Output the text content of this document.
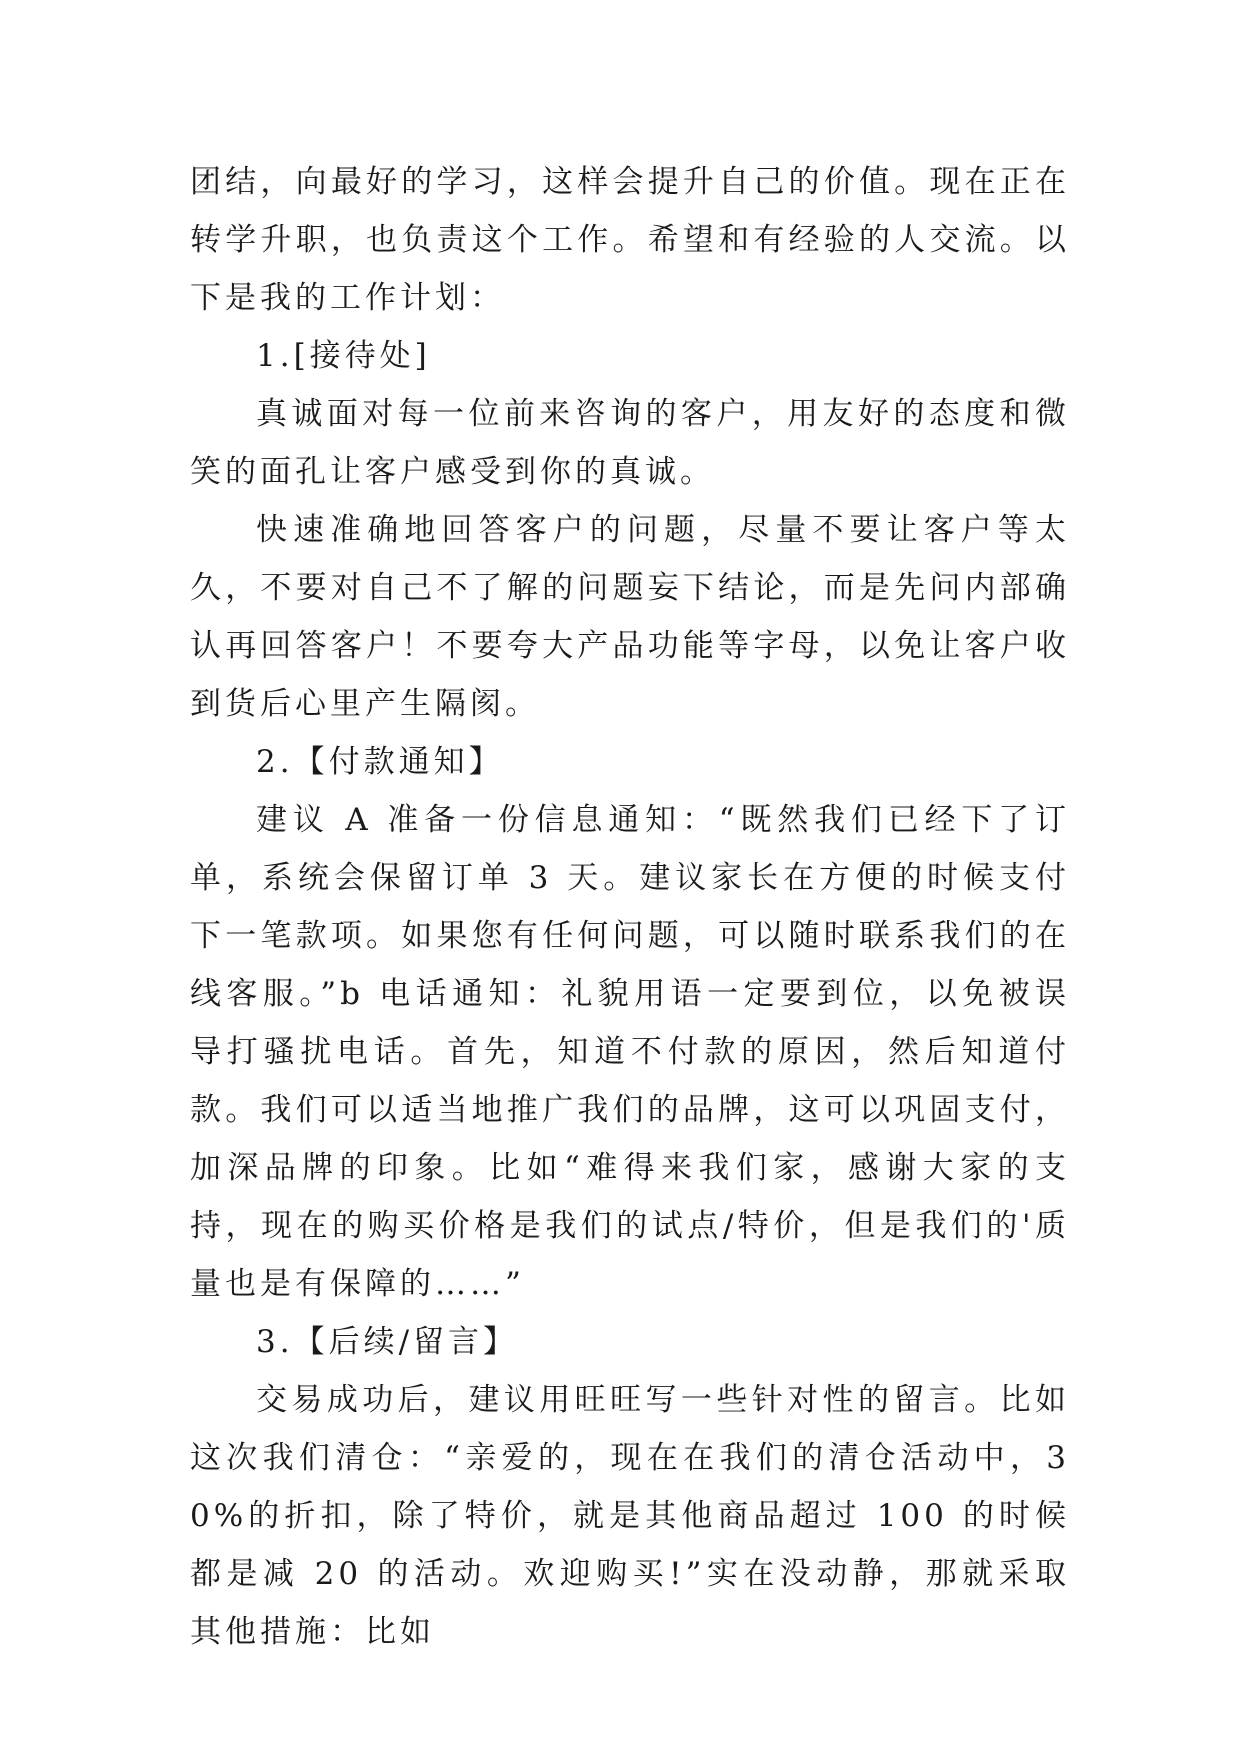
团结，向最好的学习，这样会提升自己的价值。现在正在转学升职，也负责这个工作。希望和有经验的人交流。以下是我的工作计划：

1.[接待处]

真诚面对每一位前来咨询的客户，用友好的态度和微笑的面孔让客户感受到你的真诚。

快速准确地回答客户的问题，尽量不要让客户等太久，不要对自己不了解的问题妄下结论，而是先问内部确认再回答客户！不要夸大产品功能等字母，以免让客户收到货后心里产生隔阂。

2.【付款通知】

建议 A 准备一份信息通知：“既然我们已经下了订单，系统会保留订单 3 天。建议家长在方便的时候支付下一笔款项。如果您有任何问题，可以随时联系我们的在线客服。”b 电话通知：礼貌用语一定要到位，以免被误导打骚扰电话。首先，知道不付款的原因，然后知道付款。我们可以适当地推广我们的品牌，这可以巩固支付，加深品牌的印象。比如“难得来我们家，感谢大家的支持，现在的购买价格是我们的试点/特价，但是我们的'质量也是有保障的……”

3.【后续/留言】

交易成功后，建议用旺旺写一些针对性的留言。比如这次我们清仓：“亲爱的，现在在我们的清仓活动中，30%的折扣，除了特价，就是其他商品超过 100 的时候都是减 20 的活动。欢迎购买!”实在没动静，那就采取其他措施：比如
